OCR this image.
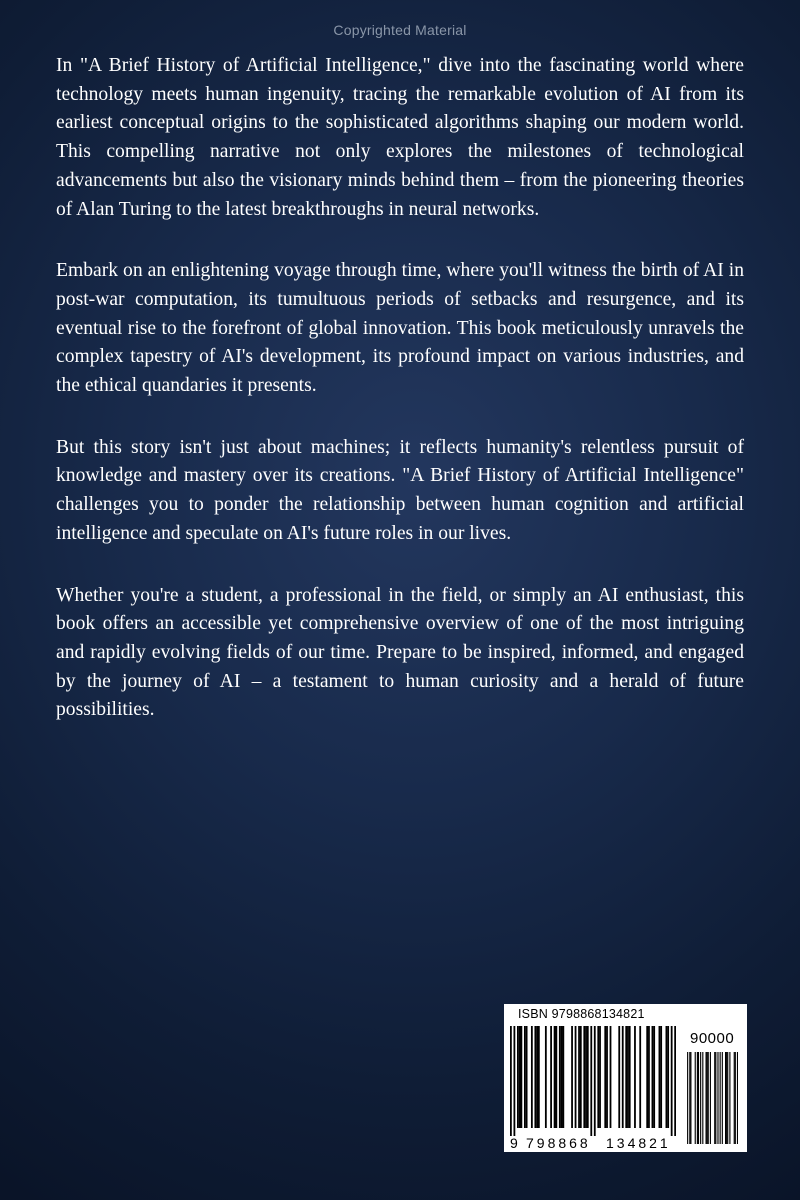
Copyrighted Material

In "A Brief History of Artificial Intelligence," dive into the fascinating world where technology meets human ingenuity, tracing the remarkable evolution of AI from its earliest conceptual origins to the sophisticated algorithms shaping our modern world. This compelling narrative not only explores the milestones of technological advancements but also the visionary minds behind them – from the pioneering theories of Alan Turing to the latest breakthroughs in neural networks.

Embark on an enlightening voyage through time, where you'll witness the birth of AI in post-war computation, its tumultuous periods of setbacks and resurgence, and its eventual rise to the forefront of global innovation. This book meticulously unravels the complex tapestry of AI's development, its profound impact on various industries, and the ethical quandaries it presents.

But this story isn't just about machines; it reflects humanity's relentless pursuit of knowledge and mastery over its creations. "A Brief History of Artificial Intelligence" challenges you to ponder the relationship between human cognition and artificial intelligence and speculate on AI's future roles in our lives.

Whether you're a student, a professional in the field, or simply an AI enthusiast, this book offers an accessible yet comprehensive overview of one of the most intriguing and rapidly evolving fields of our time. Prepare to be inspired, informed, and engaged by the journey of AI – a testament to human curiosity and a herald of future possibilities.

ISBN 9798868134821
90000
9 798868 134821
